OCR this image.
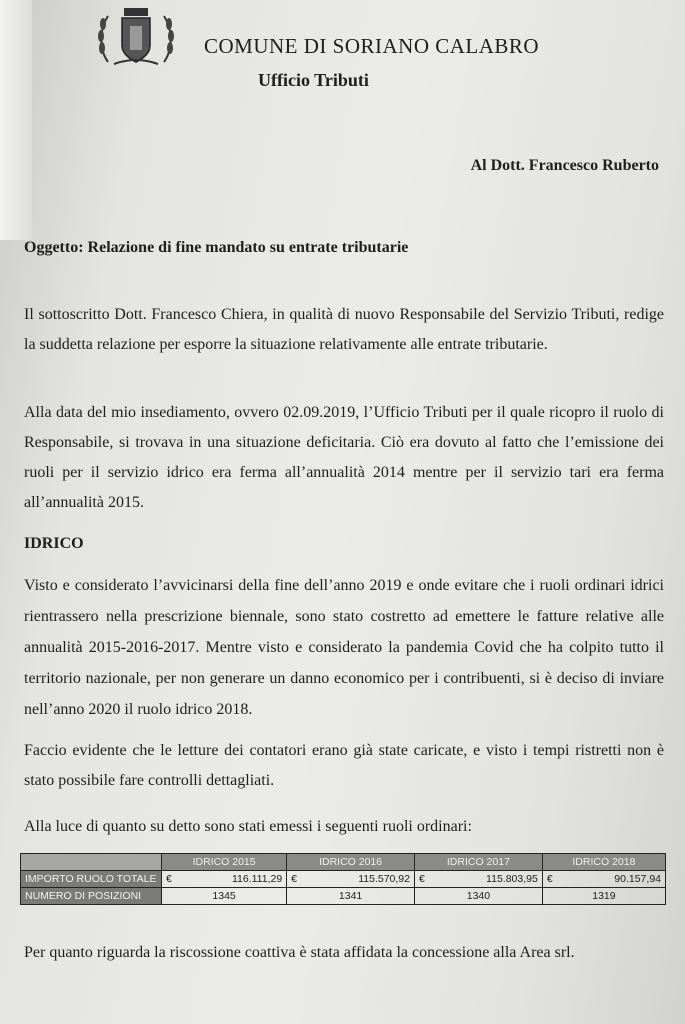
COMUNE DI SORIANO CALABRO
Ufficio Tributi
Al Dott. Francesco Ruberto
Oggetto: Relazione di fine mandato su entrate tributarie
Il sottoscritto Dott. Francesco Chiera, in qualità di nuovo Responsabile del Servizio Tributi, redige la suddetta relazione per esporre la situazione relativamente alle entrate tributarie.
Alla data del mio insediamento, ovvero 02.09.2019, l’Ufficio Tributi per il quale ricopro il ruolo di Responsabile, si trovava in una situazione deficitaria. Ciò era dovuto al fatto che l’emissione dei ruoli per il servizio idrico era ferma all’annualità 2014 mentre per il servizio tari era ferma all’annualità 2015.
IDRICO
Visto e considerato l’avvicinarsi della fine dell’anno 2019 e onde evitare che i ruoli ordinari idrici rientrassero nella prescrizione biennale, sono stato costretto ad emettere le fatture relative alle annualità 2015-2016-2017. Mentre visto e considerato la pandemia Covid che ha colpito tutto il territorio nazionale, per non generare un danno economico per i contribuenti, si è deciso di inviare nell’anno 2020 il ruolo idrico 2018.
Faccio evidente che le letture dei contatori erano già state caricate, e visto i tempi ristretti non è stato possibile fare controlli dettagliati.
Alla luce di quanto su detto sono stati emessi i seguenti ruoli ordinari:
	IDRICO 2015	IDRICO 2016	IDRICO 2017	IDRICO 2018
IMPORTO RUOLO TOTALE	€ 116.111,29	€ 115.570,92	€ 115.803,95	€ 90.157,94

NUMERO DI POSIZIONI	1345	1341	1340	1319
Per quanto riguarda la riscossione coattiva è stata affidata la concessione alla Area srl.
